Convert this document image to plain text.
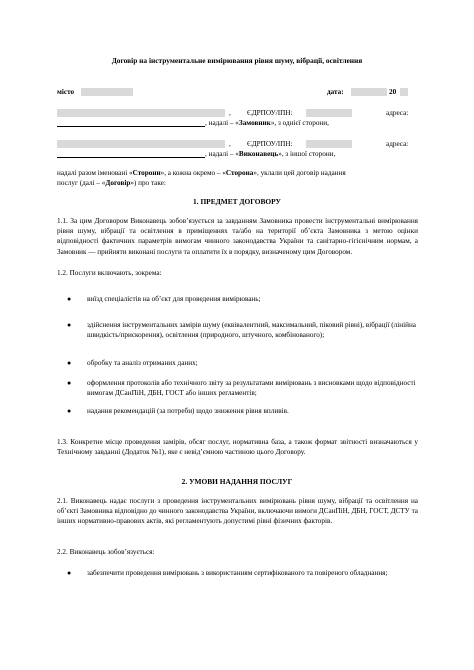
Договір на інструментальне вимірювання рівня шуму, вібрації, освітлення
місто	дата:	20
, ЄДРПОУ/ІПН:	адреса:
, надалі – «Замовник», з однієї сторони,
, ЄДРПОУ/ІПН:	адреса:
, надалі – «Виконавець», з іншої сторони,
надалі разом іменовані «Сторони», а кожна окремо – «Сторона», уклали цей договір надання
послуг (далі – «Договір») про таке:
1. ПРЕДМЕТ ДОГОВОРУ
1.1. За цим Договором Виконавець зобов’язується за завданням Замовника провести інструментальні вимірювання рівня шуму, вібрації та освітлення в приміщеннях та/або на території об’єкта Замовника з метою оцінки відповідності фактичних параметрів вимогам чинного законодавства України та санітарно-гігієнічним нормам, а Замовник — прийняти виконані послуги та оплатити їх в порядку, визначеному цим Договором.
1.2. Послуги включають, зокрема:
● виїзд спеціалістів на об’єкт для проведення вимірювань;
● здійснення інструментальних замірів шуму (еквівалентний, максимальний, піковий рівні), вібрації (лінійна швидкість/прискорення), освітлення (природного, штучного, комбінованого);
● обробку та аналіз отриманих даних;
● оформлення протоколів або технічного звіту за результатами вимірювань з висновками щодо відповідності вимогам ДСанПіН, ДБН, ГОСТ або інших регламентів;
● надання рекомендацій (за потреби) щодо зниження рівня впливів.
1.3. Конкретне місце проведення замірів, обсяг послуг, нормативна база, а також формат звітності визначаються у Технічному завданні (Додаток №1), яке є невід’ємною частиною цього Договору.
2. УМОВИ НАДАННЯ ПОСЛУГ
2.1. Виконавець надає послуги з проведення інструментальних вимірювань рівня шуму, вібрації та освітлення на об’єкті Замовника відповідно до чинного законодавства України, включаючи вимоги ДСанПіН, ДБН, ГОСТ, ДСТУ та інших нормативно-правових актів, які регламентують допустимі рівні фізичних факторів.
2.2. Виконавець зобов’язується:
● забезпечити проведення вимірювань з використанням сертифікованого та повіреного обладнання;
